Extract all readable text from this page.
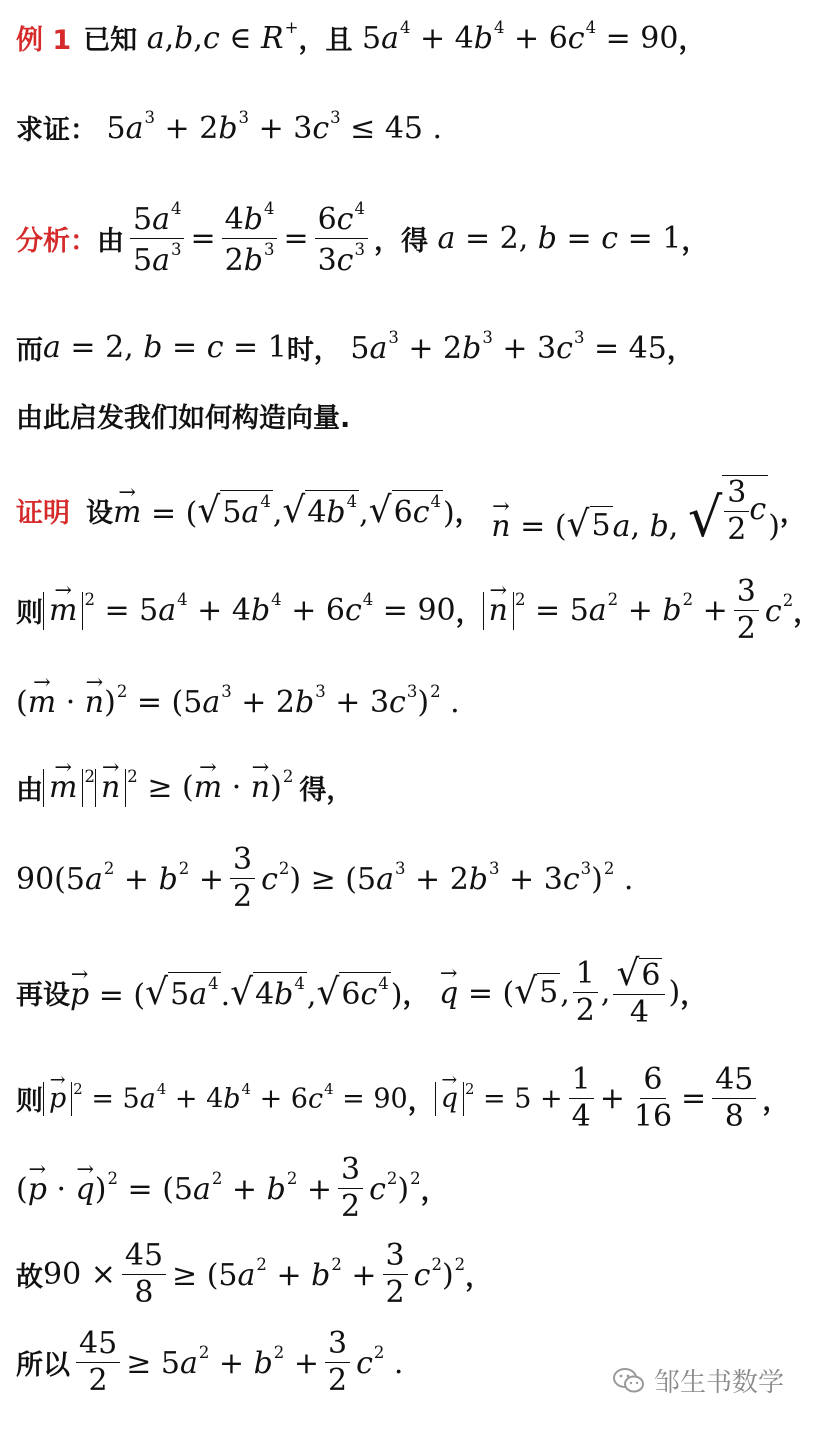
例 1 已知 a,b,c ∈ R+ ，且 $5a^4 + 4b^4 + 6c^4 = 90$ ，
求证： $5a^3 + 2b^3 + 3c^3 \le 45$ .
分析： 由 $\frac{5a^4}{5a^3} = \frac{4b^4}{2b^3} = \frac{6c^4}{3c^3}$ ，得 a = 2, b = c = 1 ，
而 a = 2, b = c = 1 时， $5a^3 + 2b^3 + 3c^3 = 45$ ，
由此启发我们如何构造向量.
证明 设 → m = ( √ $5a^4$ , √ $4b^4$ , √ $6c^4$ ) ， → n = ( √ 5 a, b, √ $\frac{3}{2}$ c ) ，
则 → m $^2 = 5a^4 + 4b^4 + 6c^4 = 90$ ， → n $^2 = 5a^2 + b^2 + \frac{3}{2} c^2$ ，
(→ m · → $n)^2 = (5a^3 + 2b^3 + 3c^3)^2$ .
由 → m $^2$ → n $^2$ ≥ (→ m · → n)$^2$ 得，
$90(5a^2 + b^2 + \frac{3}{2} c^2) \ge (5a^3 + 2b^3 + 3c^3)^2$ .
再设 → p = ( √ $5a^4$ . √ $4b^4$ , √ $6c^4$ ) ， → q = ( √ 5 , $\frac{1}{2}$ , $\frac{√ 6}{4}$ ) ，
则 → p $^2 = 5a^4 + 4b^4 + 6c^4 = 90$ ， → q $^2 = 5 + \frac{1}{4} + \frac{6}{16} = \frac{45}{8}$ ，
(→ p · → $q)^2 = (5a^2 + b^2 + \frac{3}{2} c^2)^2$ ，
故 $90 \times \frac{45}{8} \ge (5a^2 + b^2 + \frac{3}{2} c^2)^2$ ，
所以 $\frac{45}{2} \ge 5a^2 + b^2 + \frac{3}{2} c^2$ .
邹生书数学
